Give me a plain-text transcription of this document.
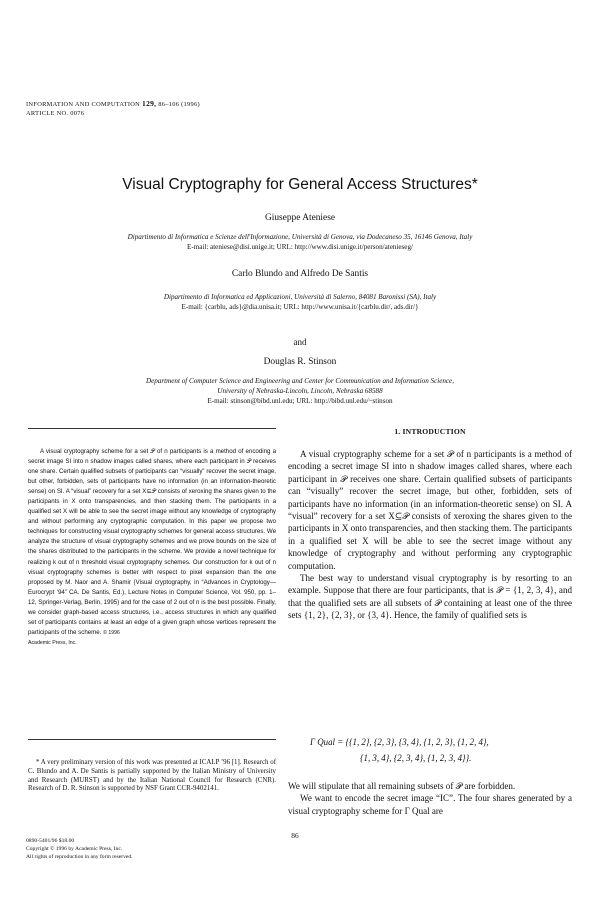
INFORMATION AND COMPUTATION 129, 86–106 (1996)
ARTICLE NO. 0076
Visual Cryptography for General Access Structures*
Giuseppe Ateniese
Dipartimento di Informatica e Scienze dell'Informazione, Università di Genova, via Dodecaneso 35, 16146 Genova, Italy
E-mail: ateniese@disi.unige.it; URL: http://www.disi.unige.it/person/atenieseg/
Carlo Blundo and Alfredo De Santis
Dipartimento di Informatica ed Applicazioni, Università di Salerno, 84081 Baronissi (SA), Italy
E-mail: {carblu, ads}@dia.unisa.it; URL: http://www.unisa.it/{carblu.dir/, ads.dir/}
and
Douglas R. Stinson
Department of Computer Science and Engineering and Center for Communication and Information Science,
University of Nebraska-Lincoln, Lincoln, Nebraska 68588
E-mail: stinson@bibd.unl.edu; URL: http://bibd.unl.edu/~stinson

A visual cryptography scheme for a set 𝒫 of n participants is a method of encoding a secret image SI into n shadow images called shares, where each participant in 𝒫 receives one share. Certain qualified subsets of participants can “visually” recover the secret image, but other, forbidden, sets of participants have no information (in an information-theoretic sense) on SI. A “visual” recovery for a set X⊆𝒫 consists of xeroxing the shares given to the participants in X onto transparencies, and then stacking them. The participants in a qualified set X will be able to see the secret image without any knowledge of cryptography and without performing any cryptographic computation. In this paper we propose two techniques for constructing visual cryptography schemes for general access structures. We analyze the structure of visual cryptography schemes and we prove bounds on the size of the shares distributed to the participants in the scheme. We provide a novel technique for realizing k out of n threshold visual cryptography schemes. Our construction for k out of n visual cryptography schemes is better with respect to pixel expansion than the one proposed by M. Naor and A. Shamir (Visual cryptography, in “Advances in Cryptology—Eurocrypt ’94” CA. De Santis, Ed.), Lecture Notes in Computer Science, Vol. 950, pp. 1–12, Springer-Verlag, Berlin, 1995) and for the case of 2 out of n is the best possible. Finally, we consider graph-based access structures, i.e., access structures in which any qualified set of participants contains at least an edge of a given graph whose vertices represent the participants of the scheme. © 1996

Academic Press, Inc.

* A very preliminary version of this work was presented at ICALP ’96 [1]. Research of C. Blundo and A. De Santis is partially supported by the Italian Ministry of University and Research (MURST) and by the Italian National Council for Research (CNR). Research of D. R. Stinson is supported by NSF Grant CCR-9402141.

0890-5401/96 $18.00
Copyright © 1996 by Academic Press, Inc.
All rights of reproduction in any form reserved.
86
1. INTRODUCTION

A visual cryptography scheme for a set 𝒫 of n participants is a method of encoding a secret image SI into n shadow images called shares, where each participant in 𝒫 receives one share. Certain qualified subsets of participants can “visually” recover the secret image, but other, forbidden, sets of participants have no information (in an information-theoretic sense) on SI. A “visual” recovery for a set X⊆𝒫 consists of xeroxing the shares given to the participants in X onto transparencies, and then stacking them. The participants in a qualified set X will be able to see the secret image without any knowledge of cryptography and without performing any cryptographic computation.

The best way to understand visual cryptography is by resorting to an example. Suppose that there are four participants, that is 𝒫 = {1, 2, 3, 4}, and that the qualified sets are all subsets of 𝒫 containing at least one of the three sets {1, 2}, {2, 3}, or {3, 4}. Hence, the family of qualified sets is

Γ Qual = {{1, 2}, {2, 3}, {3, 4}, {1, 2, 3}, {1, 2, 4},
{1, 3, 4}, {2, 3, 4}, {1, 2, 3, 4}}.

We will stipulate that all remaining subsets of 𝒫 are forbidden.

We want to encode the secret image “IC”. The four shares generated by a visual cryptography scheme for Γ Qual are
